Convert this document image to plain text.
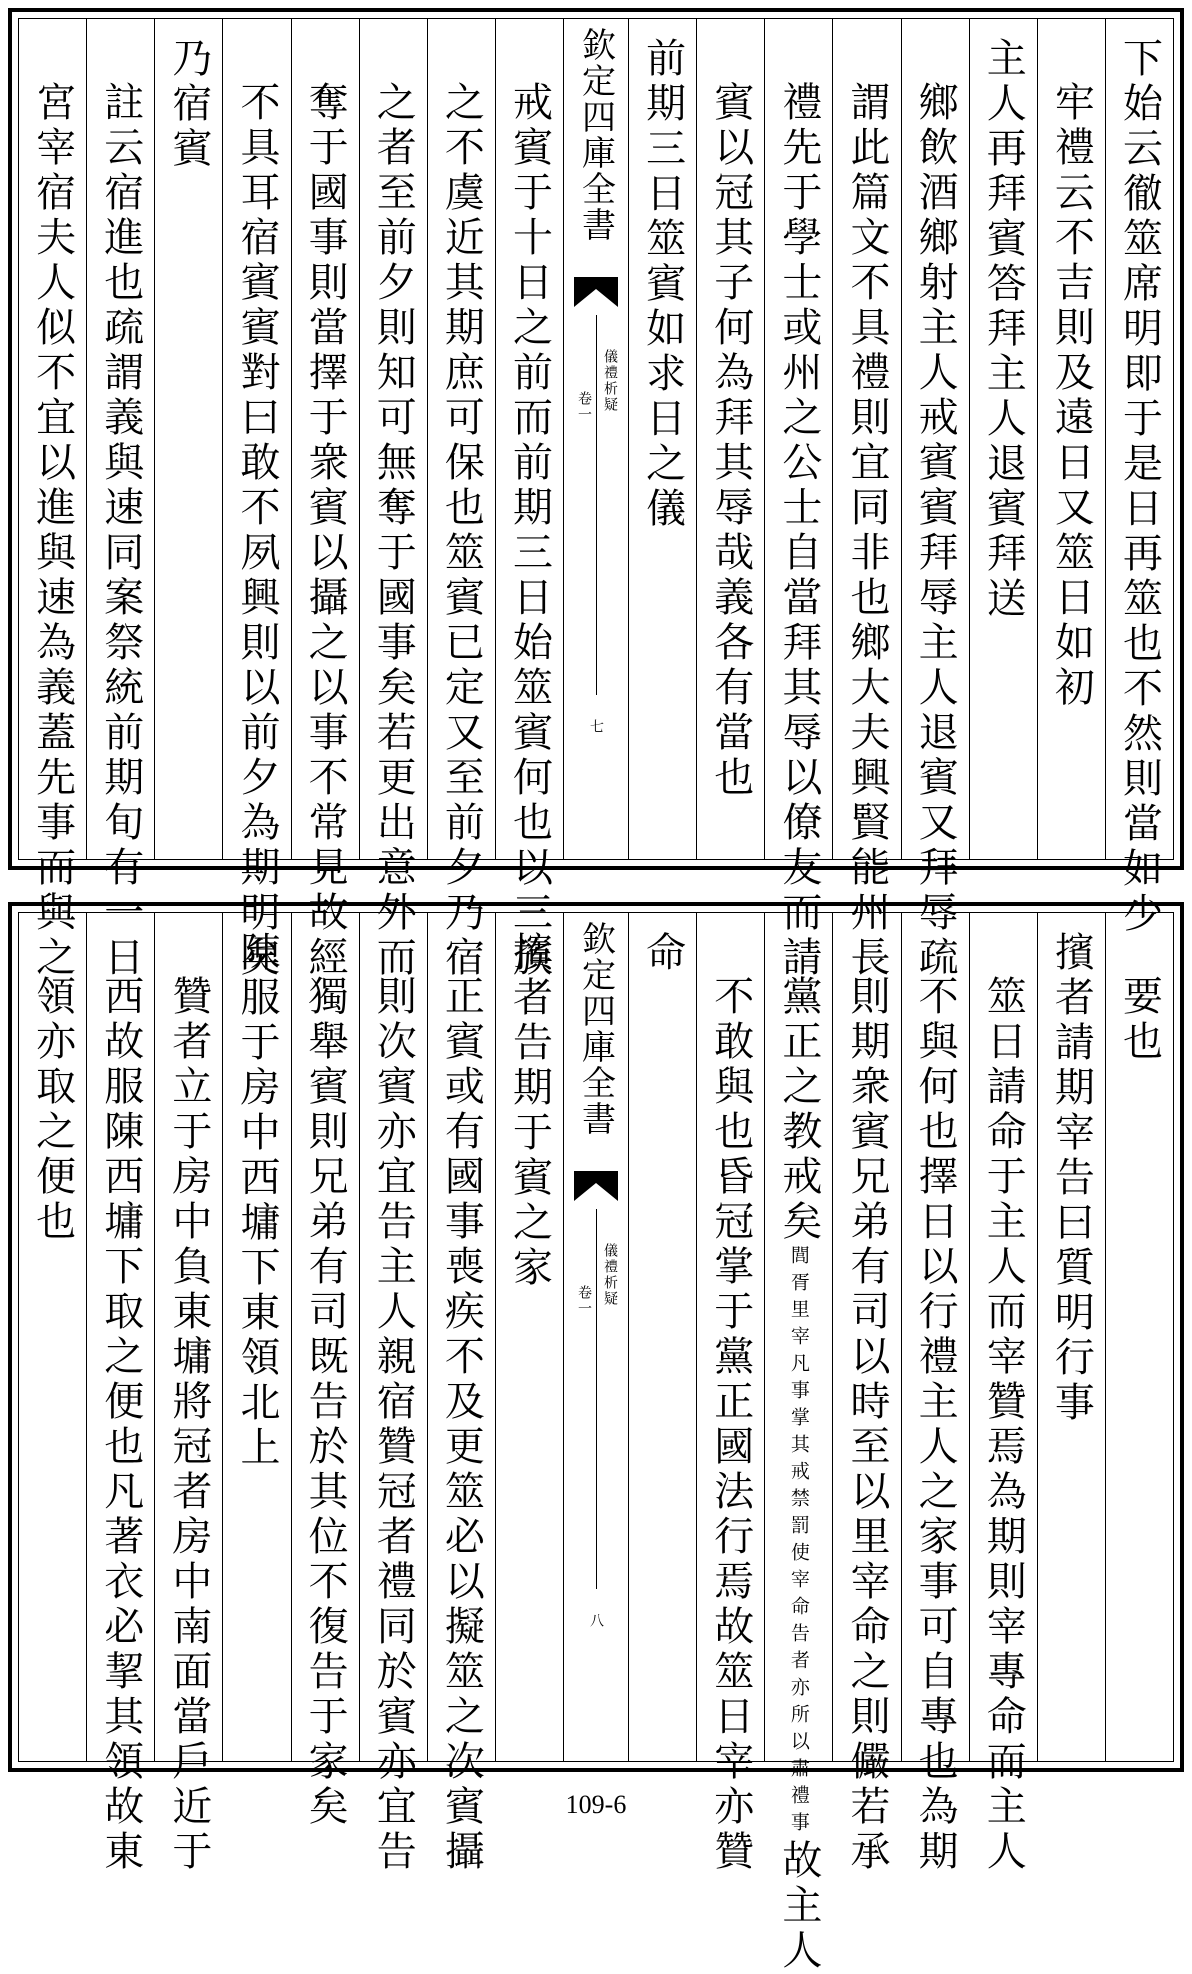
下始云徹筮席明即于是日再筮也不然則當如少
牢禮云不吉則及遠日又筮日如初
主人再拜賓答拜主人退賓拜送
鄉飲酒鄉射主人戒賓賓拜辱主人退賓又拜辱疏
謂此篇文不具禮則宜同非也鄉大夫興賢能州長
禮先于學士或州之公士自當拜其辱以僚友而請
賓以冠其子何為拜其辱哉義各有當也
前期三日筮賓如求日之儀
欽定四庫全書
儀禮析疑
卷一
七
戒賓于十日之前而前期三日始筮賓何也以三族
之不虞近其期庶可保也筮賓已定又至前夕乃宿
之者至前夕則知可無奪于國事矣若更出意外而
奪于國事則當擇于衆賓以攝之以事不常見故經
不具耳宿賓賓對曰敢不夙興則以前夕為期明矣
乃宿賓
註云宿進也疏謂義與速同案祭統前期旬有一日
宮宰宿夫人似不宜以進與速為義蓋先事而與之
要也
擯者請期宰告曰質明行事
筮日請命于主人而宰贊焉為期則宰專命而主人
不與何也擇日以行禮主人之家事可自專也為期
則期衆賓兄弟有司以時至以里宰命之則儼若承
黨正之教戒矣閭胥里宰凡事掌其戒禁罰使宰命告者亦所以肅禮事故主人
不敢與也昏冠掌于黨正國法行焉故筮日宰亦贊
命
欽定四庫全書
儀禮析疑
卷一
八
擯者告期于賓之家
正賓或有國事喪疾不及更筮必以擬筮之次賓攝
則次賓亦宜告主人親宿贊冠者禮同於賓亦宜告
獨舉賓則兄弟有司既告於其位不復告于家矣
陳服于房中西墉下東領北上
贊者立于房中負東墉將冠者房中南面當戶近于
西故服陳西墉下取之便也凡著衣必挈其領故東
領亦取之便也
109-6
